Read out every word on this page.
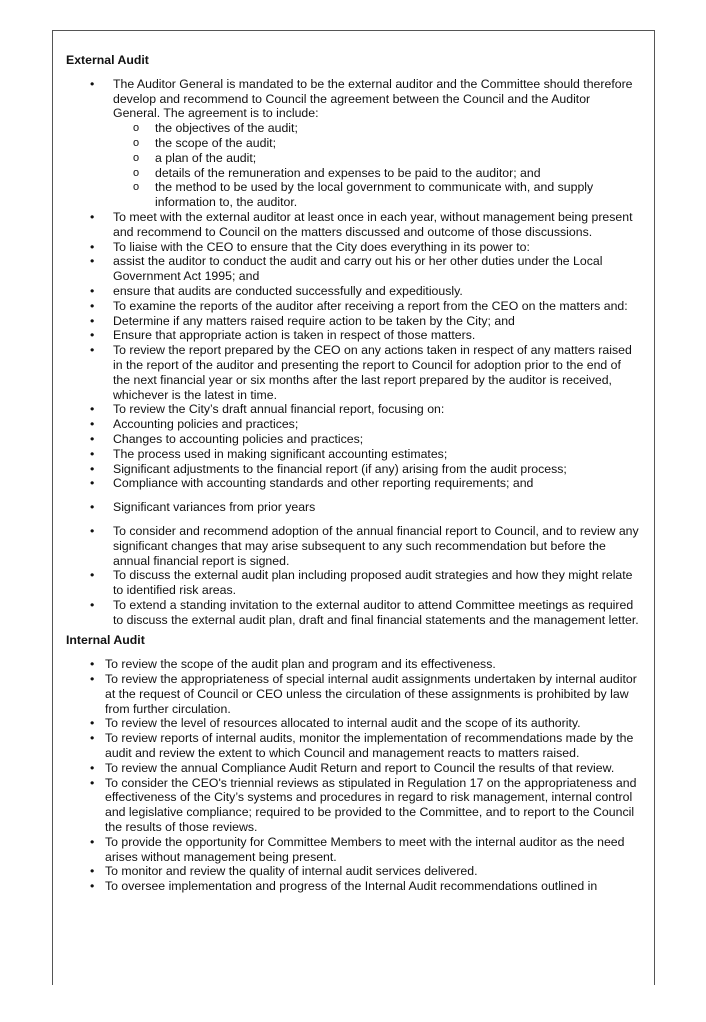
External Audit
• The Auditor General is mandated to be the external auditor and the Committee should therefore develop and recommend to Council the agreement between the Council and the Auditor General. The agreement is to include:
o the objectives of the audit;
o the scope of the audit;
o a plan of the audit;
o details of the remuneration and expenses to be paid to the auditor; and
o the method to be used by the local government to communicate with, and supply information to, the auditor.
• To meet with the external auditor at least once in each year, without management being present and recommend to Council on the matters discussed and outcome of those discussions.
• To liaise with the CEO to ensure that the City does everything in its power to:
• assist the auditor to conduct the audit and carry out his or her other duties under the Local Government Act 1995; and
• ensure that audits are conducted successfully and expeditiously.
• To examine the reports of the auditor after receiving a report from the CEO on the matters and:
• Determine if any matters raised require action to be taken by the City; and
• Ensure that appropriate action is taken in respect of those matters.
• To review the report prepared by the CEO on any actions taken in respect of any matters raised in the report of the auditor and presenting the report to Council for adoption prior to the end of the next financial year or six months after the last report prepared by the auditor is received, whichever is the latest in time.
• To review the City’s draft annual financial report, focusing on:
• Accounting policies and practices;
• Changes to accounting policies and practices;
• The process used in making significant accounting estimates;
• Significant adjustments to the financial report (if any) arising from the audit process;
• Compliance with accounting standards and other reporting requirements; and
• Significant variances from prior years
• To consider and recommend adoption of the annual financial report to Council, and to review any significant changes that may arise subsequent to any such recommendation but before the annual financial report is signed.
• To discuss the external audit plan including proposed audit strategies and how they might relate to identified risk areas.
• To extend a standing invitation to the external auditor to attend Committee meetings as required to discuss the external audit plan, draft and final financial statements and the management letter.
Internal Audit
• To review the scope of the audit plan and program and its effectiveness.
• To review the appropriateness of special internal audit assignments undertaken by internal auditor at the request of Council or CEO unless the circulation of these assignments is prohibited by law from further circulation.
• To review the level of resources allocated to internal audit and the scope of its authority.
• To review reports of internal audits, monitor the implementation of recommendations made by the audit and review the extent to which Council and management reacts to matters raised.
• To review the annual Compliance Audit Return and report to Council the results of that review.
• To consider the CEO's triennial reviews as stipulated in Regulation 17 on the appropriateness and effectiveness of the City’s systems and procedures in regard to risk management, internal control and legislative compliance; required to be provided to the Committee, and to report to the Council the results of those reviews.
• To provide the opportunity for Committee Members to meet with the internal auditor as the need arises without management being present.
• To monitor and review the quality of internal audit services delivered.
• To oversee implementation and progress of the Internal Audit recommendations outlined in
